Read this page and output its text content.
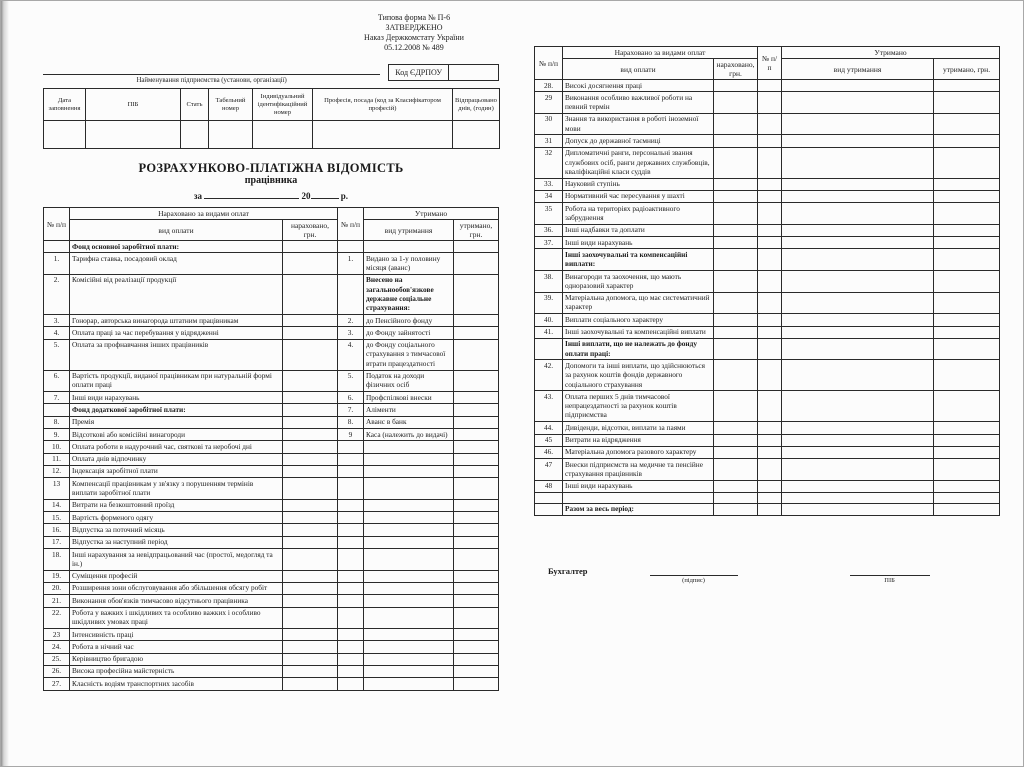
Типова форма № П-6
ЗАТВЕРДЖЕНО
Наказ Держкомстату України
05.12.2008 № 489
Найменування підприємства (установи, організації)
Код ЄДРПОУ
Дата заповнення	ПІБ	Стать	Табельний номер	Індивідуальний ідентифікаційний номер	Професія, посада (код за Класифікатором професій)	Відпрацьовано днів, (годин)

РОЗРАХУНКОВО-ПЛАТІЖНА ВІДОМІСТЬ
працівника
за	20	р.
№ п/п	Нараховано за видами оплат		№ п/п	Утримано	
	вид оплати	нараховано, грн.		вид утримання	утримано, грн.
	Фонд основної заробітної плати:				
1.	Тарифна ставка, посадовий оклад		1.	Видано за 1-у половину місяця (аванс)	
2.	Комісійні від реалізації продукції			Внесено на загальнообов'язкове державне соціальне страхування:	
3.	Гонорар, авторська винагорода штатним працівникам		2.	до Пенсійного фонду	
4.	Оплата праці за час перебування у відрядженні		3.	до Фонду зайнятості	
5.	Оплата за профнавчання інших працівників		4.	до Фонду соціального страхування з тимчасової втрати працездатності	
6.	Вартість продукції, виданої працівникам при натуральній формі оплати праці		5.	Податок на доходи фізичних осіб	
7.	Інші види нарахувань		6.	Профспілкові внески	
	Фонд додаткової заробітної плати:		7.	Аліменти	
8.	Премія		8.	Аванс в банк	
9.	Відсоткові або комісійні винагороди		9	Каса (належить до видачі)	
10.	Оплата роботи в надурочний час, святкові та неробочі дні				
11.	Оплата днів відпочинку				
12.	Індексація заробітної плати				
13	Компенсації працівникам у зв'язку з порушенням термінів виплати заробітної плати				
14.	Витрати на безкоштовний проїзд				
15.	Вартість форменого одягу				
16.	Відпустка за поточний місяць				
17.	Відпустка за наступний період				
18.	Інші нарахування за невідпрацьований час (простої, медогляд та ін.)				
19.	Суміщення професій				
20.	Розширення зони обслуговування або збільшення обсягу робіт				
21.	Виконання обов'язків тимчасово відсутнього працівника				
22.	Робота у важких і шкідливих та особливо важких і особливо шкідливих умовах праці				
23	Інтенсивність праці				
24.	Робота в нічний час				
25.	Керівництво бригадою				
26.	Висока професійна майстерність				
27.	Класність водіям транспортних засобів				
№ п/п	Нараховано за видами оплат		№ п/п	Утримано	
	вид оплати	нараховано, грн.		вид утримання	утримано, грн.
28.	Високі досягнення праці				
29	Виконання особливо важливої роботи на певний термін				
30	Знання та використання в роботі іноземної мови				
31	Допуск до державної таємниці				
32	Дипломатичні ранги, персональні звання службових осіб, ранги державних службовців, кваліфікаційні класи суддів				
33.	Науковий ступінь				
34	Нормативний час пересування у шахті				
35	Робота на територіях радіоактивного забруднення				
36.	Інші надбавки та доплати				
37.	Інші види нарахувань				
	Інші заохочувальні та компенсаційні виплати:				
38.	Винагороди та заохочення, що мають одноразовий характер				
39.	Матеріальна допомога, що має систематичний характер				
40.	Виплати соціального характеру				
41.	Інші заохочувальні та компенсаційні виплати				
	Інші виплати, що не належать до фонду оплати праці:				
42.	Допомоги та інші виплати, що здійснюються за рахунок коштів фондів державного соціального страхування				
43.	Оплата перших 5 днів тимчасової непрацездатності за рахунок коштів підприємства				
44.	Дивіденди, відсотки, виплати за паями				
45	Витрати на відрядження				
46.	Матеріальна допомога разового характеру				
47	Внески підприємств на медичне та пенсійне страхування працівників				
48	Інші види нарахувань				

	Разом за весь період:				
Бухгалтер
(підпис)	ПІБ
